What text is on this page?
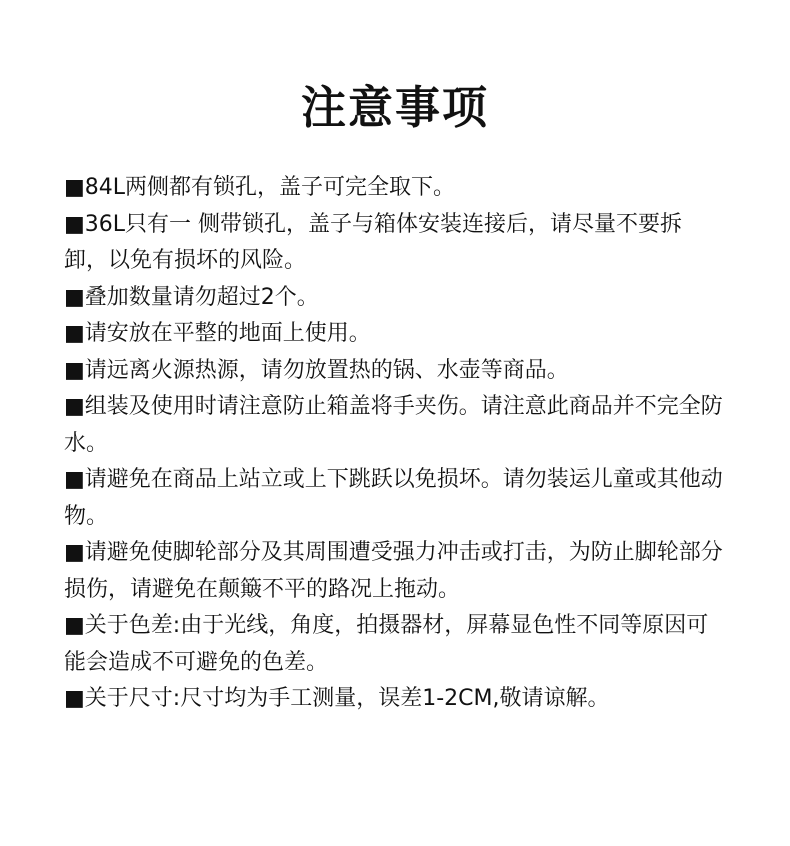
注意事项
■84L两侧都有锁孔，盖子可完全取下。
■36L只有一 侧带锁孔，盖子与箱体安装连接后，请尽量不要拆卸，以免有损坏的风险。
■叠加数量请勿超过2个。
■请安放在平整的地面上使用。
■请远离火源热源，请勿放置热的锅、水壶等商品。
■组装及使用时请注意防止箱盖将手夹伤。请注意此商品并不完全防水。
■请避免在商品上站立或上下跳跃以免损坏。请勿装运儿童或其他动物。
■请避免使脚轮部分及其周围遭受强力冲击或打击，为防止脚轮部分损伤，请避免在颠簸不平的路况上拖动。
■关于色差:由于光线，角度，拍摄器材，屏幕显色性不同等原因可能会造成不可避免的色差。
■关于尺寸:尺寸均为手工测量，误差1-2CM,敬请谅解。
